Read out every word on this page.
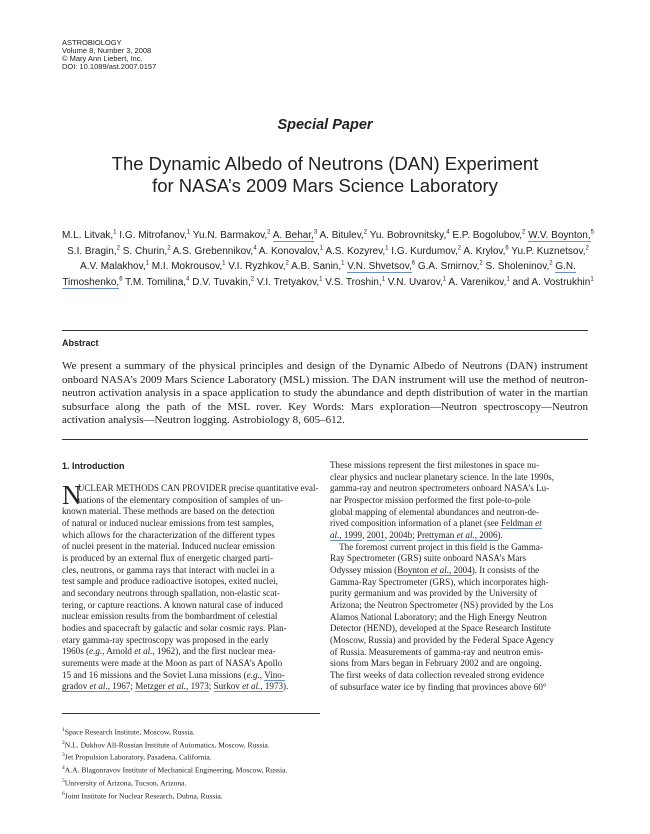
ASTROBIOLOGY
Volume 8, Number 3, 2008
© Mary Ann Liebert, Inc.
DOI: 10.1089/ast.2007.0157
Special Paper
The Dynamic Albedo of Neutrons (DAN) Experiment
for NASA’s 2009 Mars Science Laboratory
M.L. Litvak,$^1$ I.G. Mitrofanov,$^1$ Yu.N. Barmakov,$^2$ A. Behar,$^3$ A. Bitulev,$^2$ Yu. Bobrovnitsky,$^4$ E.P. Bogolubov,$^2$ W.V. Boynton,$^5$ S.I. Bragin,$^2$ S. Churin,$^2$ A.S. Grebennikov,$^4$ A. Konovalov,$^1$ A.S. Kozyrev,$^1$ I.G. Kurdumov,$^2$ A. Krylov,$^6$ Yu.P. Kuznetsov,$^2$ A.V. Malakhov,$^1$ M.I. Mokrousov,$^1$ V.I. Ryzhkov,$^2$ A.B. Sanin,$^1$ V.N. Shvetsov,$^6$ G.A. Smirnov,$^2$ S. Sholeninov,$^2$ G.N. Timoshenko,$^6$ T.M. Tomilina,$^4$ D.V. Tuvakin,$^2$ V.I. Tretyakov,$^1$ V.S. Troshin,$^1$ V.N. Uvarov,$^1$ A. Varenikov,$^1$ and A. Vostrukhin$^1$
Abstract
We present a summary of the physical principles and design of the Dynamic Albedo of Neutrons (DAN) instrument onboard NASA’s 2009 Mars Science Laboratory (MSL) mission. The DAN instrument will use the method of neutron-neutron activation analysis in a space application to study the abundance and depth distribution of water in the martian subsurface along the path of the MSL rover. Key Words: Mars exploration—Neutron spectroscopy—Neutron activation analysis—Neutron logging. Astrobiology 8, 605–612.
1. Introduction
N
UCLEAR METHODS CAN PROVIDER precise quantitative eval-
uations of the elementary composition of samples of un-
known material. These methods are based on the detection
of natural or induced nuclear emissions from test samples,
which allows for the characterization of the different types
of nuclei present in the material. Induced nuclear emission
is produced by an external flux of energetic charged parti-
cles, neutrons, or gamma rays that interact with nuclei in a
test sample and produce radioactive isotopes, exited nuclei,
and secondary neutrons through spallation, non-elastic scat-
tering, or capture reactions. A known natural case of induced
nuclear emission results from the bombardment of celestial
bodies and spacecraft by galactic and solar cosmic rays. Plan-
etary gamma-ray spectroscopy was proposed in the early
1960s (e.g., Arnold et al., 1962), and the first nuclear mea-
surements were made at the Moon as part of NASA’s Apollo
15 and 16 missions and the Soviet Luna missions (e.g., Vino-
gradov et al., 1967; Metzger et al., 1973; Surkov et al., 1973).
These missions represent the first milestones in space nu-
clear physics and nuclear planetary science. In the late 1990s,
gamma-ray and neutron spectrometers onboard NASA’s Lu-
nar Prospector mission performed the first pole-to-pole
global mapping of elemental abundances and neutron-de-
rived composition information of a planet (see Feldman et
al., 1999, 2001, 2004b; Prettyman et al., 2006).
The foremost current project in this field is the Gamma-
Ray Spectrometer (GRS) suite onboard NASA’s Mars
Odyssey mission (Boynton et al., 2004). It consists of the
Gamma-Ray Spectrometer (GRS), which incorporates high-
purity germanium and was provided by the University of
Arizona; the Neutron Spectrometer (NS) provided by the Los
Alamos National Laboratory; and the High Energy Neutron
Detector (HEND), developed at the Space Research Institute
(Moscow, Russia) and provided by the Federal Space Agency
of Russia. Measurements of gamma-ray and neutron emis-
sions from Mars began in February 2002 and are ongoing.
The first weeks of data collection revealed strong evidence
of subsurface water ice by finding that provinces above 60°
$^1$Space Research Institute, Moscow, Russia.
$^2$N.L. Dukhov All-Russian Institute of Automatics, Moscow, Russia.
$^3$Jet Propulsion Laboratory, Pasadena, California.
$^4$A.A. Blagonravov Institute of Mechanical Engineering, Moscow, Russia.
$^5$University of Arizona, Tucson, Arizona.
$^6$Joint Institute for Nuclear Research, Dubna, Russia.
